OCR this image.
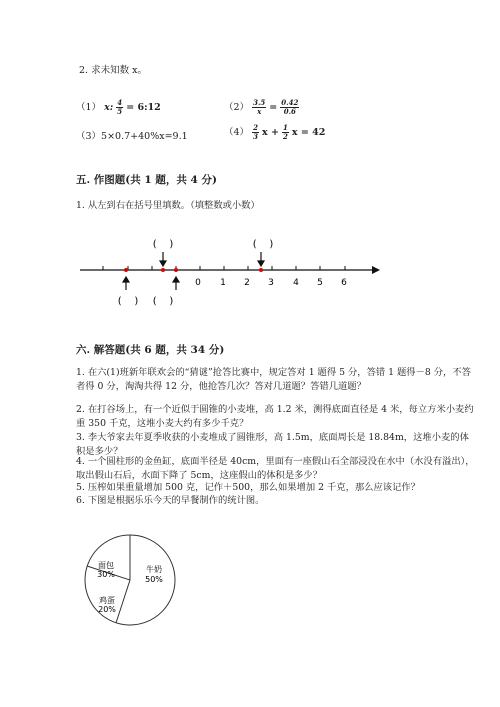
2. 求未知数 x。
（1） x: $\frac{4}{5}$ = 6:12	$(2) \frac{3.5}{x} = \frac{0.42}{0.6}$
（3）5×0.7+40%x=9.1	$(4) \frac{2}{3}$ $x + \frac{1}{2}$ x = 42
五. 作图题(共 1 题，共 4 分)
1. 从左到右在括号里填数。（填整数或小数）
0 1 2 3 4 5 6
(    )	(    )
(    ) (    )
六. 解答题(共 6 题，共 34 分)
1. 在六(1)班新年联欢会的“猜谜”抢答比赛中，规定答对 1 题得 5 分，答错 1 题得－8 分，不答者得 0 分，淘淘共得 12 分，他抢答几次？答对几道题？答错几道题？
2. 在打谷场上，有一个近似于圆锥的小麦堆，高 1.2 米，测得底面直径是 4 米，每立方米小麦约重 350 千克，这堆小麦大约有多少千克？
3. 李大爷家去年夏季收获的小麦堆成了圆锥形，高 1.5m，底面周长是 18.84m，这堆小麦的体积是多少？
4. 一个圆柱形的金鱼缸，底面半径是 40cm，里面有一座假山石全部浸没在水中（水没有溢出），取出假山石后，水面下降了 5cm，这座假山的体积是多少？
5. 压榨如果重量增加 500 克，记作＋500，那么如果增加 2 千克，那么应该记作？
6. 下图是根据乐乐今天的早餐制作的统计图。
面包
30%
牛奶
50%
鸡蛋
20%
